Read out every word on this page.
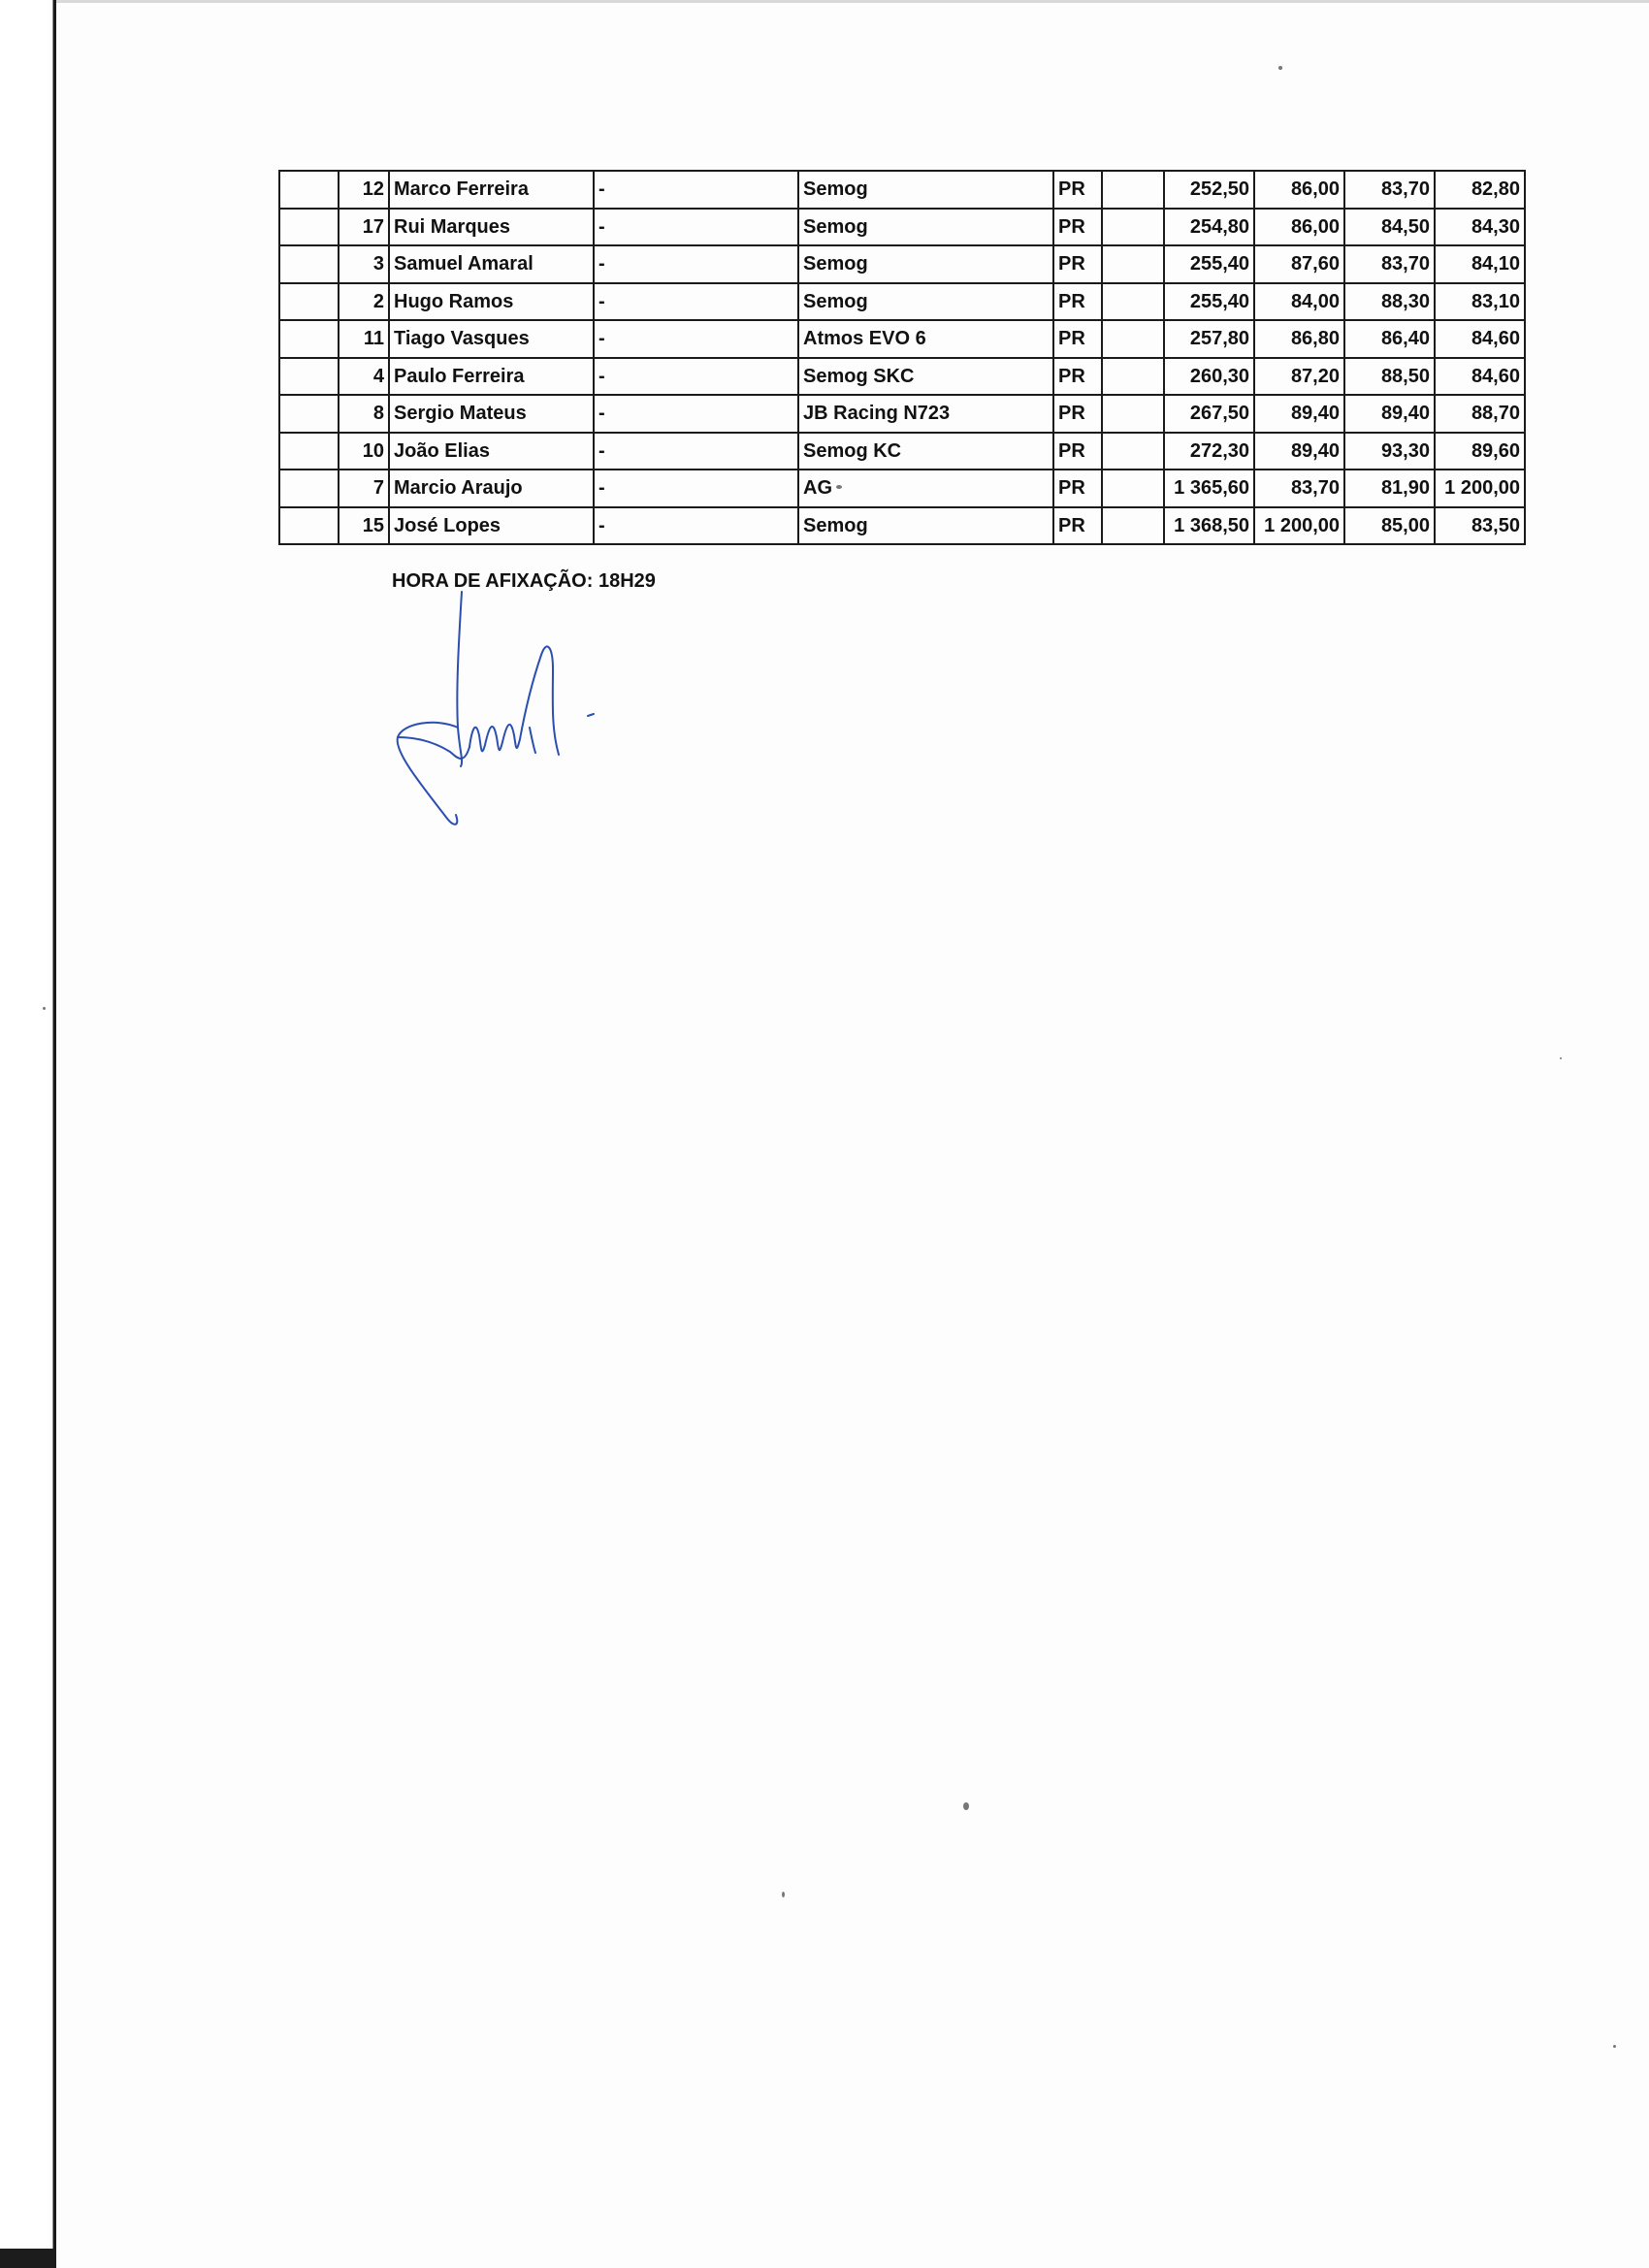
	12	Marco Ferreira	-	Semog	PR		252,50	86,00	83,70	82,80
	17	Rui Marques	-	Semog	PR		254,80	86,00	84,50	84,30
	3	Samuel Amaral	-	Semog	PR		255,40	87,60	83,70	84,10
	2	Hugo Ramos	-	Semog	PR		255,40	84,00	88,30	83,10
	11	Tiago Vasques	-	Atmos EVO 6	PR		257,80	86,80	86,40	84,60
	4	Paulo Ferreira	-	Semog SKC	PR		260,30	87,20	88,50	84,60
	8	Sergio Mateus	-	JB Racing N723	PR		267,50	89,40	89,40	88,70
	10	João Elias	-	Semog KC	PR		272,30	89,40	93,30	89,60
	7	Marcio Araujo	-	AG	PR		1 365,60	83,70	81,90	1 200,00
	15	José Lopes	-	Semog	PR		1 368,50	1 200,00	85,00	83,50

HORA DE AFIXAÇÃO: 18H29
